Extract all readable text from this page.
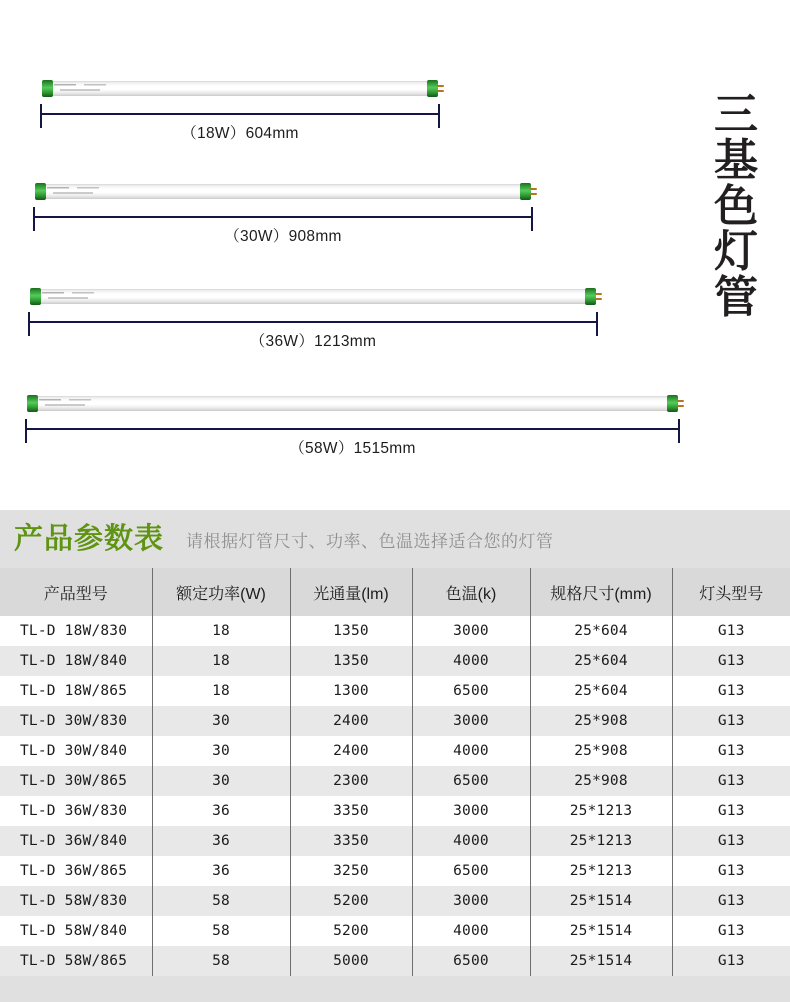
（18W）604mm
（30W）908mm
（36W）1213mm
（58W）1515mm
三
基
色
灯
管
产品参数表 请根据灯管尺寸、功率、色温选择适合您的灯管
产品型号	额定功率(W)	光通量(lm)	色温(k)	规格尺寸(mm)	灯头型号
TL-D 18W/830	18	1350	3000	25*604	G13
TL-D 18W/840	18	1350	4000	25*604	G13
TL-D 18W/865	18	1300	6500	25*604	G13
TL-D 30W/830	30	2400	3000	25*908	G13
TL-D 30W/840	30	2400	4000	25*908	G13
TL-D 30W/865	30	2300	6500	25*908	G13
TL-D 36W/830	36	3350	3000	25*1213	G13
TL-D 36W/840	36	3350	4000	25*1213	G13
TL-D 36W/865	36	3250	6500	25*1213	G13
TL-D 58W/830	58	5200	3000	25*1514	G13
TL-D 58W/840	58	5200	4000	25*1514	G13
TL-D 58W/865	58	5000	6500	25*1514	G13
